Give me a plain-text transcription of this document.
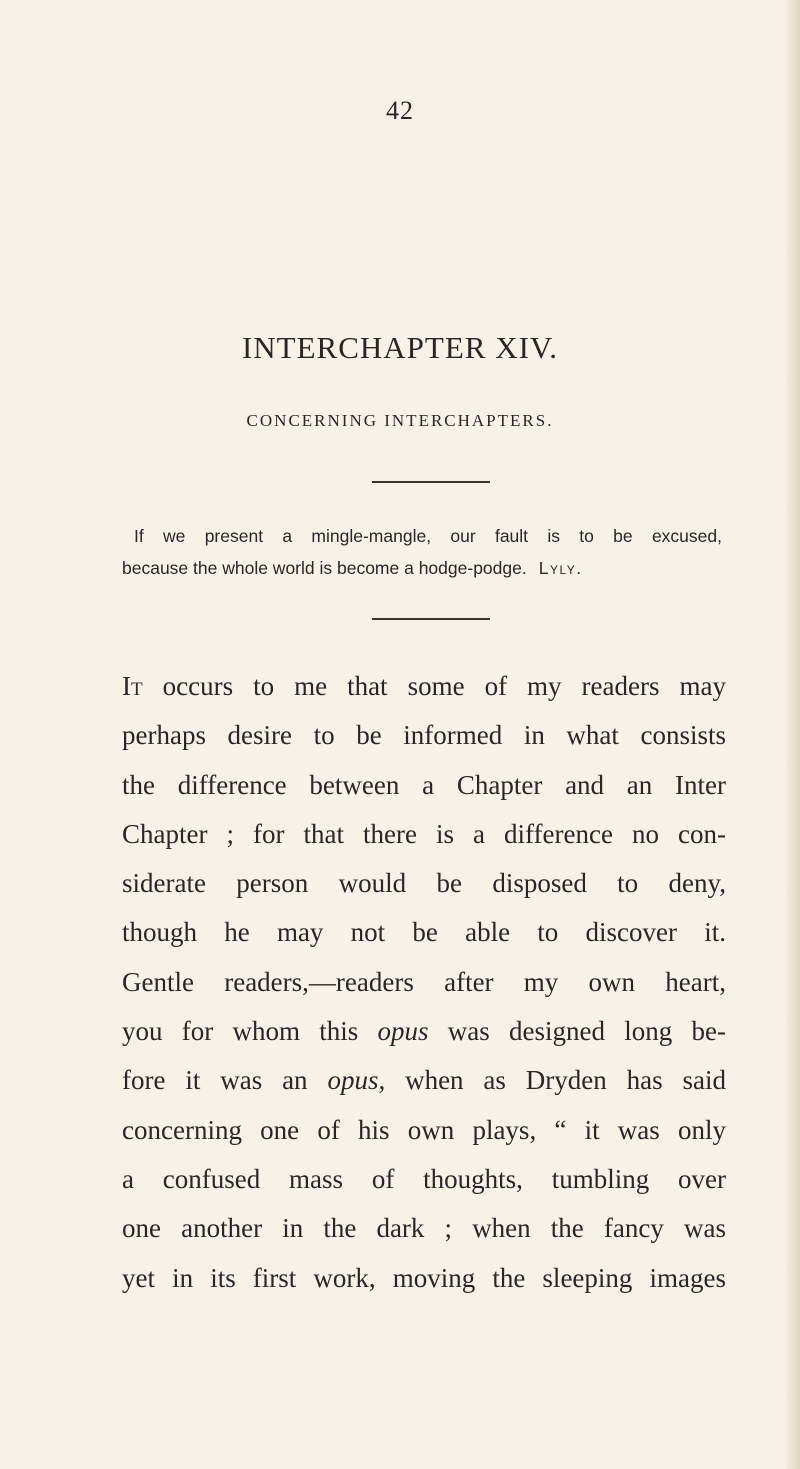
42
INTERCHAPTER XIV.
CONCERNING INTERCHAPTERS.
If we present a mingle-mangle, our fault is to be excused,
because the whole world is become a hodge-podge. Lyly.
It occurs to me that some of my readers may
perhaps desire to be informed in what consists
the difference between a Chapter and an Inter
Chapter ; for that there is a difference no con-
siderate person would be disposed to deny,
though he may not be able to discover it.
Gentle readers,—readers after my own heart,
you for whom this opus was designed long be-
fore it was an opus, when as Dryden has said
concerning one of his own plays, “ it was only
a confused mass of thoughts, tumbling over
one another in the dark ; when the fancy was
yet in its first work, moving the sleeping images
